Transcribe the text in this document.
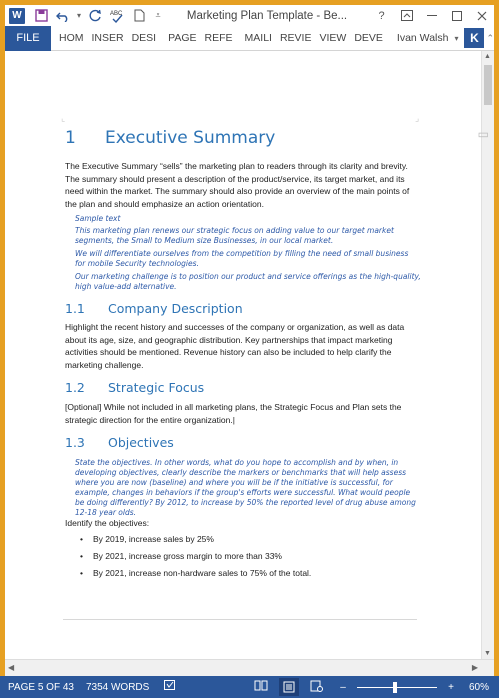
W	▾	ABC	⩡	Marketing Plan Template - Be...	?
FILE	HOM INSER DESI	PAGE REFE	MAILI REVIE VIEW DEVE	Ivan Walsh ▾ K ⌃
⌞	⌟
1	Executive Summary
The Executive Summary “sells” the marketing plan to readers through its clarity and brevity. The summary should present a description of the product/service, its target market, and its need within the market. The summary should also provide an overview of the main points of the plan and should emphasize an action orientation.
Sample text
This marketing plan renews our strategic focus on adding value to our target market segments, the Small to Medium size Businesses, in our local market.
We will differentiate ourselves from the competition by filling the need of small business for mobile Security technologies.
Our marketing challenge is to position our product and service offerings as the high-quality, high value-add alternative.
1.1	Company Description
Highlight the recent history and successes of the company or organization, as well as data about its age, size, and geographic distribution. Key partnerships that impact marketing activities should be mentioned. Revenue history can also be included to help clarify the marketing challenge.
1.2	Strategic Focus
[Optional] While not included in all marketing plans, the Strategic Focus and Plan sets the strategic direction for the entire organization.|
1.3	Objectives
State the objectives. In other words, what do you hope to accomplish and by when, in developing objectives, clearly describe the markers or benchmarks that will help assess where you are now (baseline) and where you will be if the initiative is successful, for example, changes in behaviors if the group's efforts were successful. What would people be doing differently? By 2012, to increase by 50% the reported level of drug abuse among 12-18 year olds.
Identify the objectives:
•	By 2019, increase sales by 25%
•	By 2021, increase gross margin to more than 33%
•	By 2021, increase non-hardware sales to 75% of the total.
▲
▼
▭
◀	▶
PAGE 5 OF 43 7354 WORDS	–	+	60%
